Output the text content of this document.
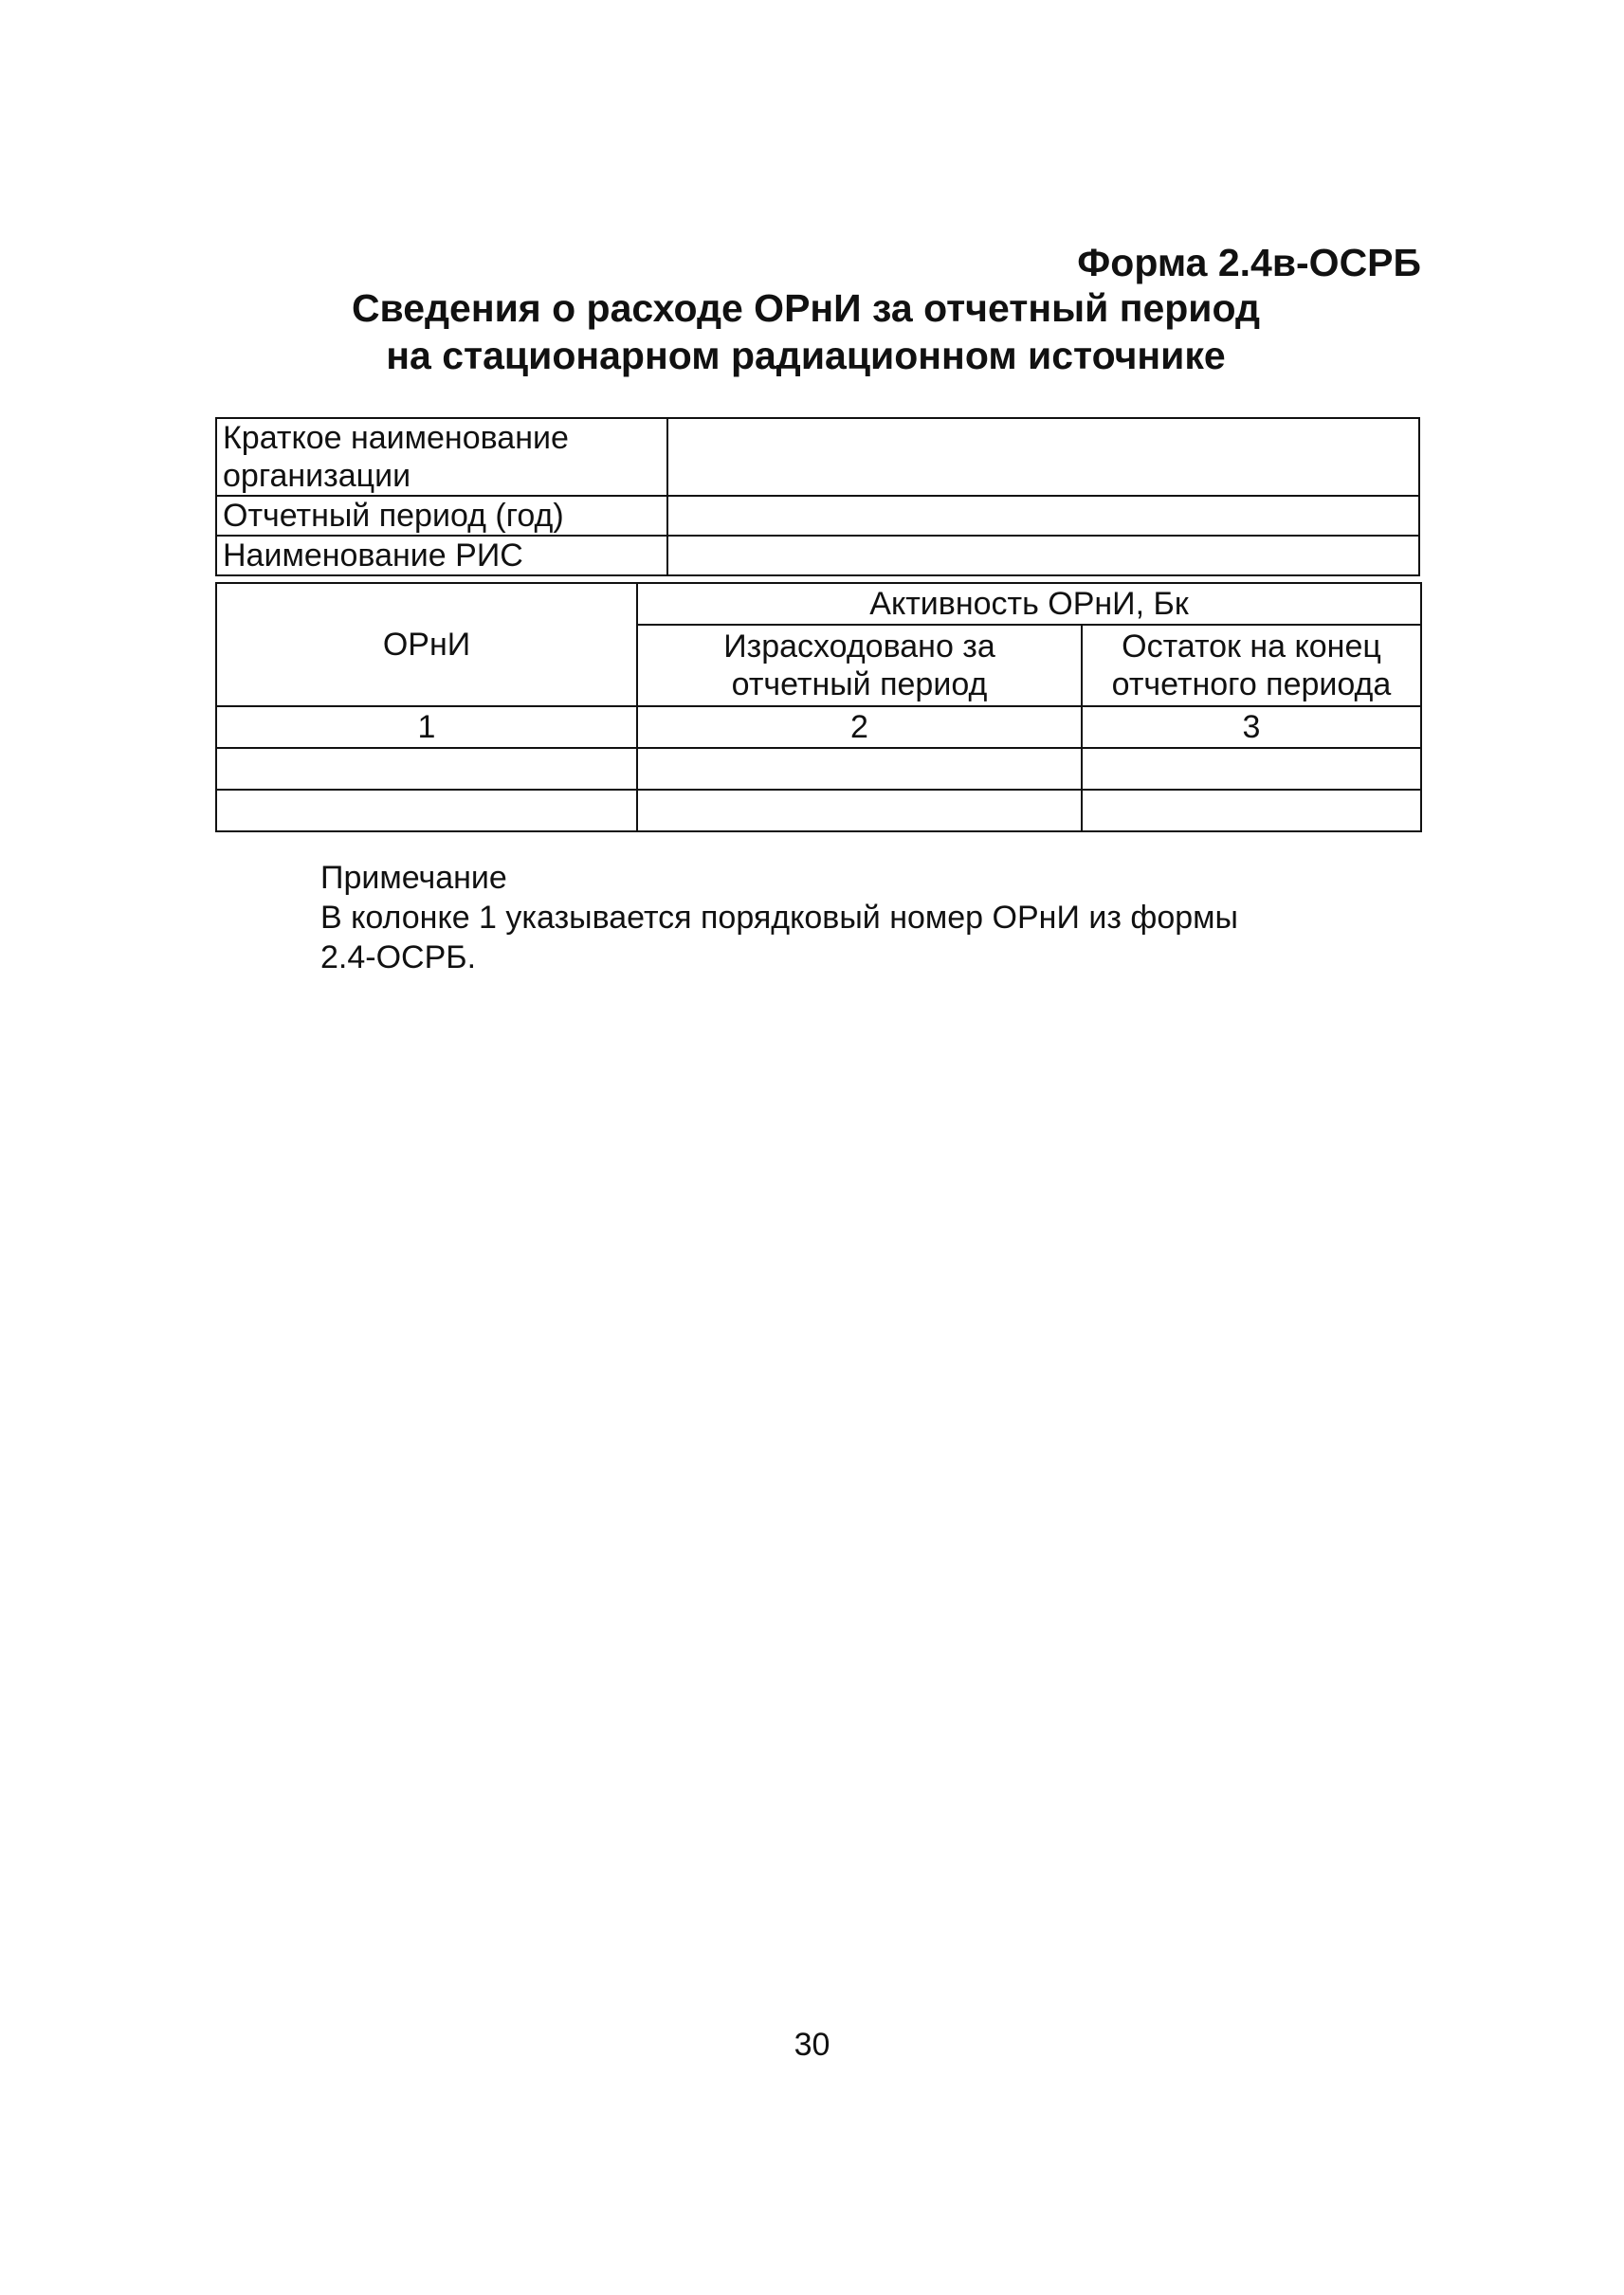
Форма 2.4в-ОСРБ
Сведения о расходе ОРнИ за отчетный период
на стационарном радиационном источнике
Краткое наименование организации	
Отчетный период (год)	
Наименование РИС	
ОРнИ	Активность ОРнИ, Бк	
	Израсходовано за отчетный период	Остаток на конец отчетного периода
1	2	3

Примечание
В колонке 1 указывается порядковый номер ОРнИ из формы
2.4-ОСРБ.
30
